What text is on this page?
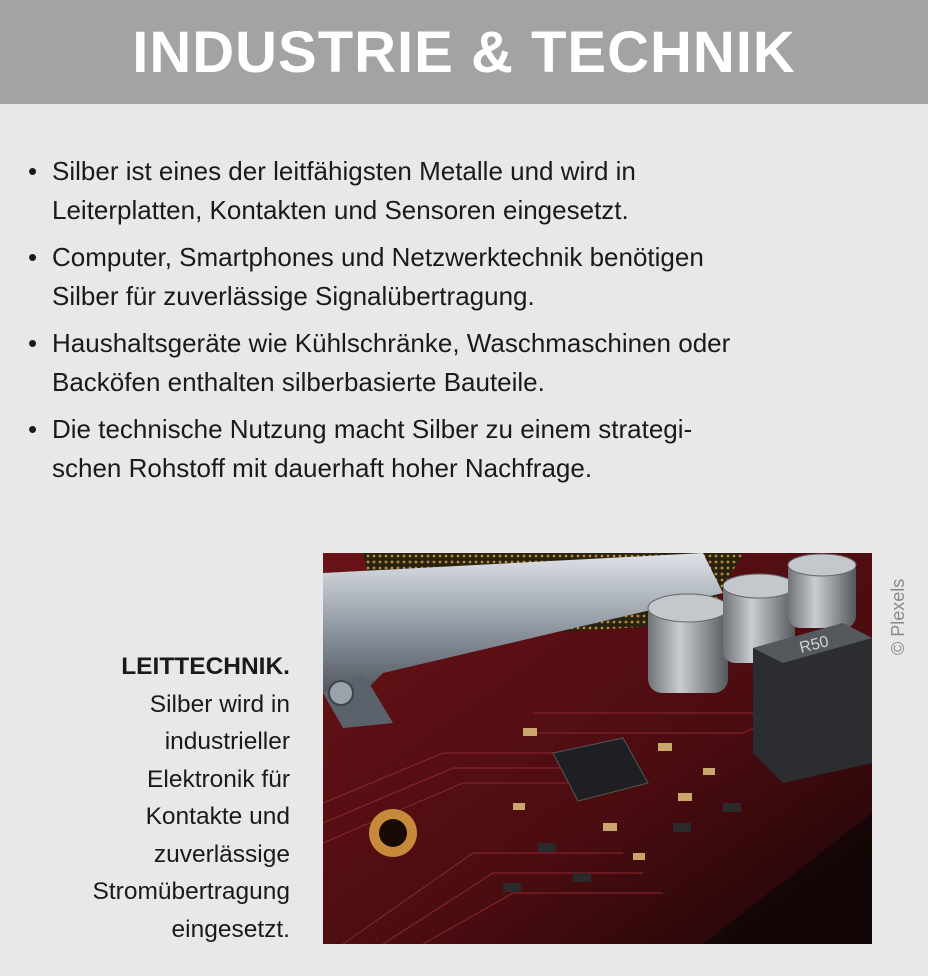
INDUSTRIE & TECHNIK
• Silber ist eines der leitfähigsten Metalle und wird in
Leiterplatten, Kontakten und Sensoren eingesetzt.
• Computer, Smartphones und Netzwerktechnik benötigen
Silber für zuverlässige Signalübertragung.
• Haushaltsgeräte wie Kühlschränke, Waschmaschinen oder
Backöfen enthalten silberbasierte Bauteile.
• Die technische Nutzung macht Silber zu einem strategi-
schen Rohstoff mit dauerhaft hoher Nachfrage.
LEITTECHNIK.
Silber wird in
industrieller
Elektronik für
Kontakte und
zuverlässige
Stromübertragung
eingesetzt.
R50	© Plexels
